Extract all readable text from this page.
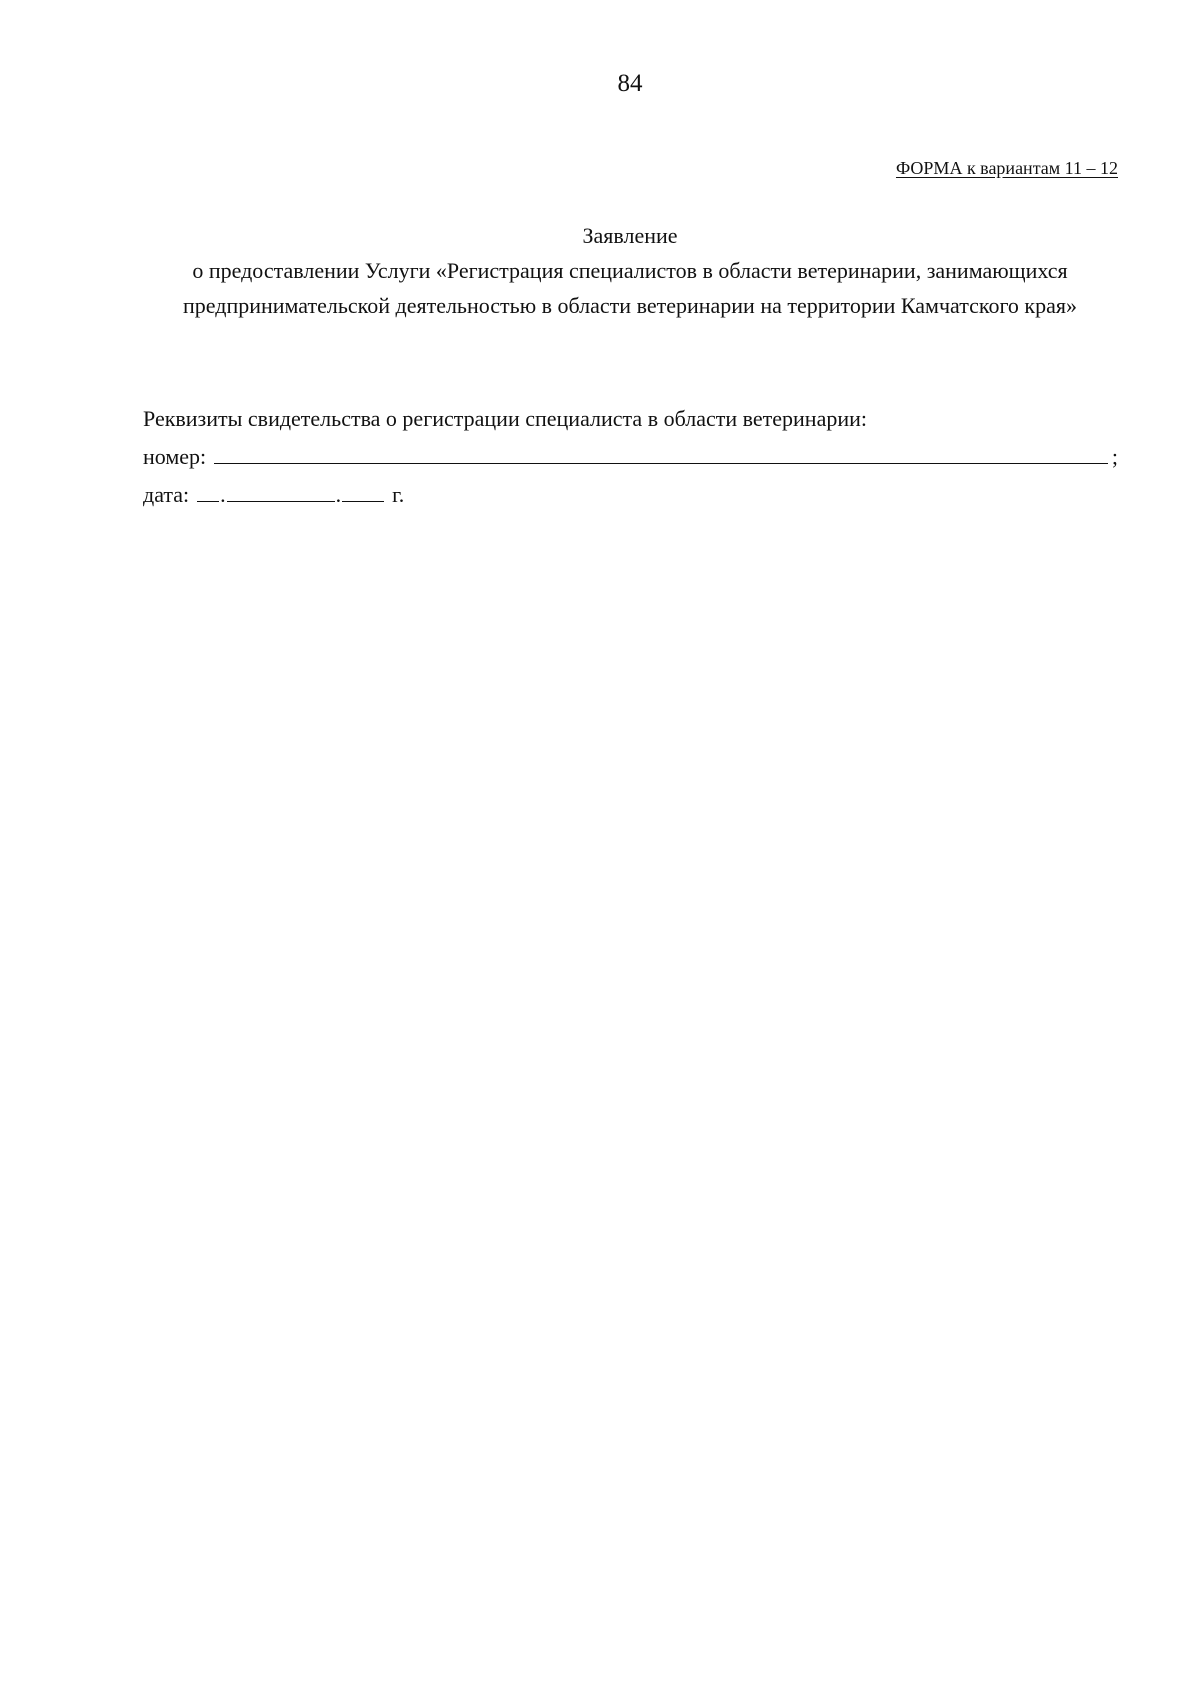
84
ФОРМА к вариантам 11 – 12
Заявление
о предоставлении Услуги «Регистрация специалистов в области ветеринарии, занимающихся предпринимательской деятельностью в области ветеринарии на территории Камчатского края»
Реквизиты свидетельства о регистрации специалиста в области ветеринарии:
номер:	;
дата: .	. г.
